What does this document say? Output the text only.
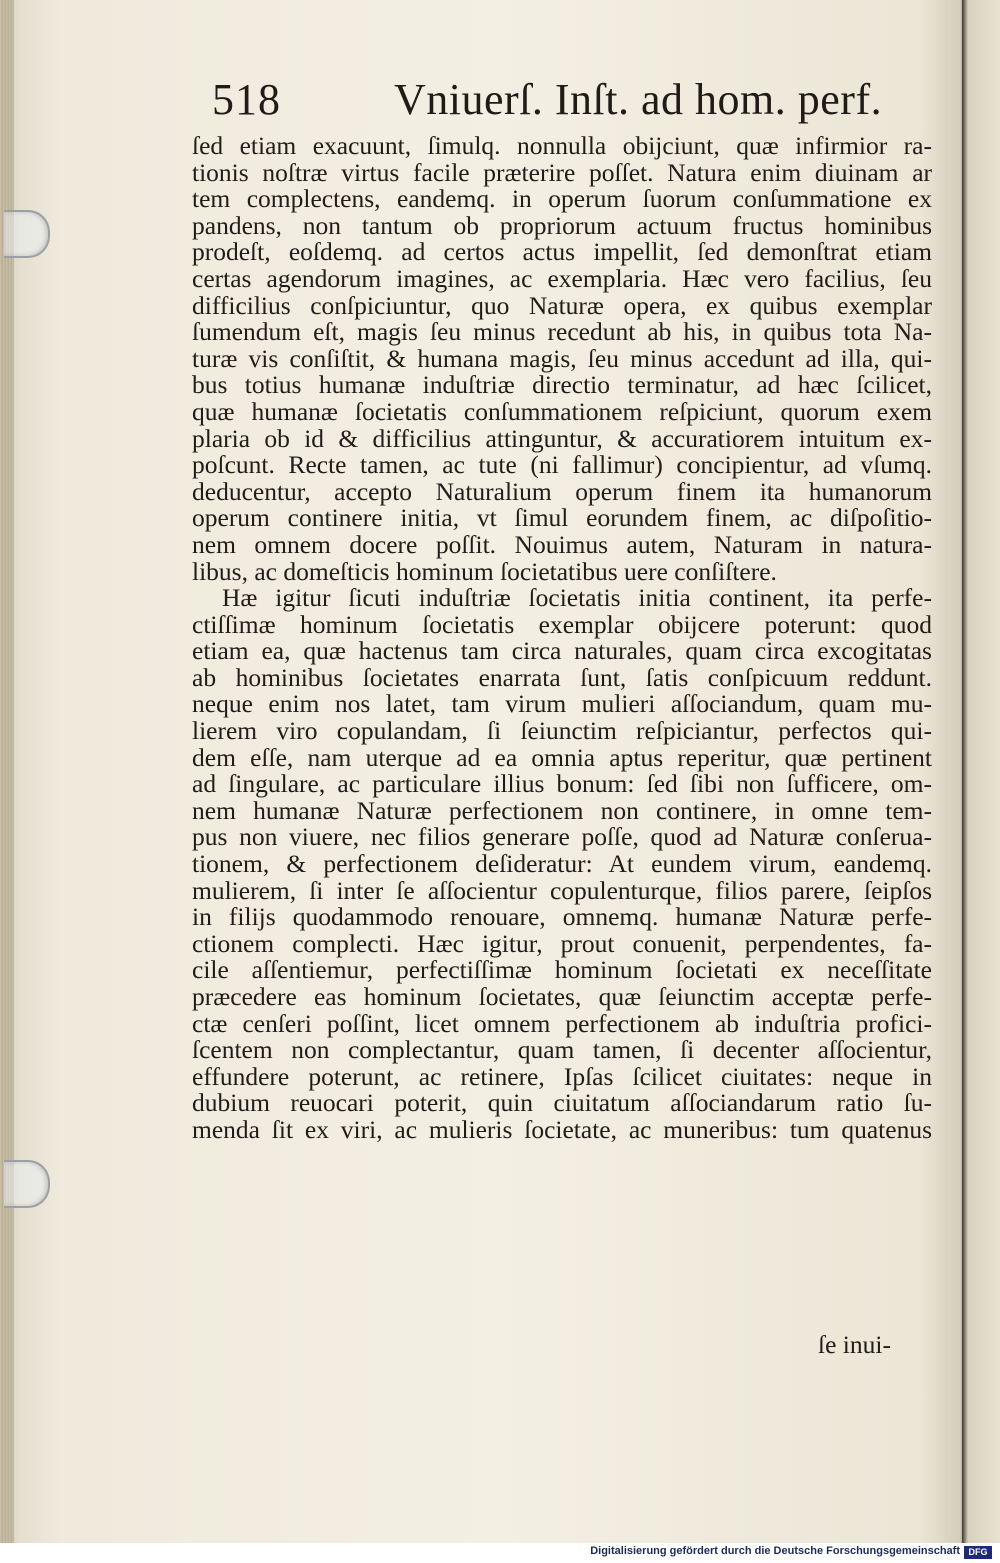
518	Vniuerſ. Inſt. ad hom. perf.
ſed etiam exacuunt, ſimulq. nonnulla obijciunt, quæ infirmior ra-
tionis noſtræ virtus facile præterire poſſet. Natura enim diuinam ar
tem complectens, eandemq. in operum ſuorum conſummatione ex
pandens, non tantum ob propriorum actuum fructus hominibus
prodeſt, eoſdemq. ad certos actus impellit, ſed demonſtrat etiam
certas agendorum imagines, ac exemplaria. Hæc vero facilius, ſeu
difficilius conſpiciuntur, quo Naturæ opera, ex quibus exemplar
ſumendum eſt, magis ſeu minus recedunt ab his, in quibus tota Na-
turæ vis conſiſtit, & humana magis, ſeu minus accedunt ad illa, qui-
bus totius humanæ induſtriæ directio terminatur, ad hæc ſcilicet,
quæ humanæ ſocietatis conſummationem reſpiciunt, quorum exem
plaria ob id & difficilius attinguntur, & accuratiorem intuitum ex-
poſcunt. Recte tamen, ac tute (ni fallimur) concipientur, ad vſumq.
deducentur, accepto Naturalium operum finem ita humanorum
operum continere initia, vt ſimul eorundem finem, ac diſpoſitio-
nem omnem docere poſſit. Nouimus autem, Naturam in natura-
libus, ac domeſticis hominum ſocietatibus uere conſiſtere.
Hæ igitur ſicuti induſtriæ ſocietatis initia continent, ita perfe-
ctiſſimæ hominum ſocietatis exemplar obijcere poterunt: quod
etiam ea, quæ hactenus tam circa naturales, quam circa excogitatas
ab hominibus ſocietates enarrata ſunt, ſatis conſpicuum reddunt.
neque enim nos latet, tam virum mulieri aſſociandum, quam mu-
lierem viro copulandam, ſi ſeiunctim reſpiciantur, perfectos qui-
dem eſſe, nam uterque ad ea omnia aptus reperitur, quæ pertinent
ad ſingulare, ac particulare illius bonum: ſed ſibi non ſufficere, om-
nem humanæ Naturæ perfectionem non continere, in omne tem-
pus non viuere, nec filios generare poſſe, quod ad Naturæ conſerua-
tionem, & perfectionem deſideratur: At eundem virum, eandemq.
mulierem, ſi inter ſe aſſocientur copulenturque, filios parere, ſeipſos
in filijs quodammodo renouare, omnemq. humanæ Naturæ perfe-
ctionem complecti. Hæc igitur, prout conuenit, perpendentes, fa-
cile aſſentiemur, perfectiſſimæ hominum ſocietati ex neceſſitate
præcedere eas hominum ſocietates, quæ ſeiunctim acceptæ perfe-
ctæ cenſeri poſſint, licet omnem perfectionem ab induſtria profici-
ſcentem non complectantur, quam tamen, ſi decenter aſſocientur,
effundere poterunt, ac retinere, Ipſas ſcilicet ciuitates: neque in
dubium reuocari poterit, quin ciuitatum aſſociandarum ratio ſu-
menda ſit ex viri, ac mulieris ſocietate, ac muneribus: tum quatenus
ſe inui-
Digitalisierung gefördert durch die Deutsche Forschungsgemeinschaft DFG
